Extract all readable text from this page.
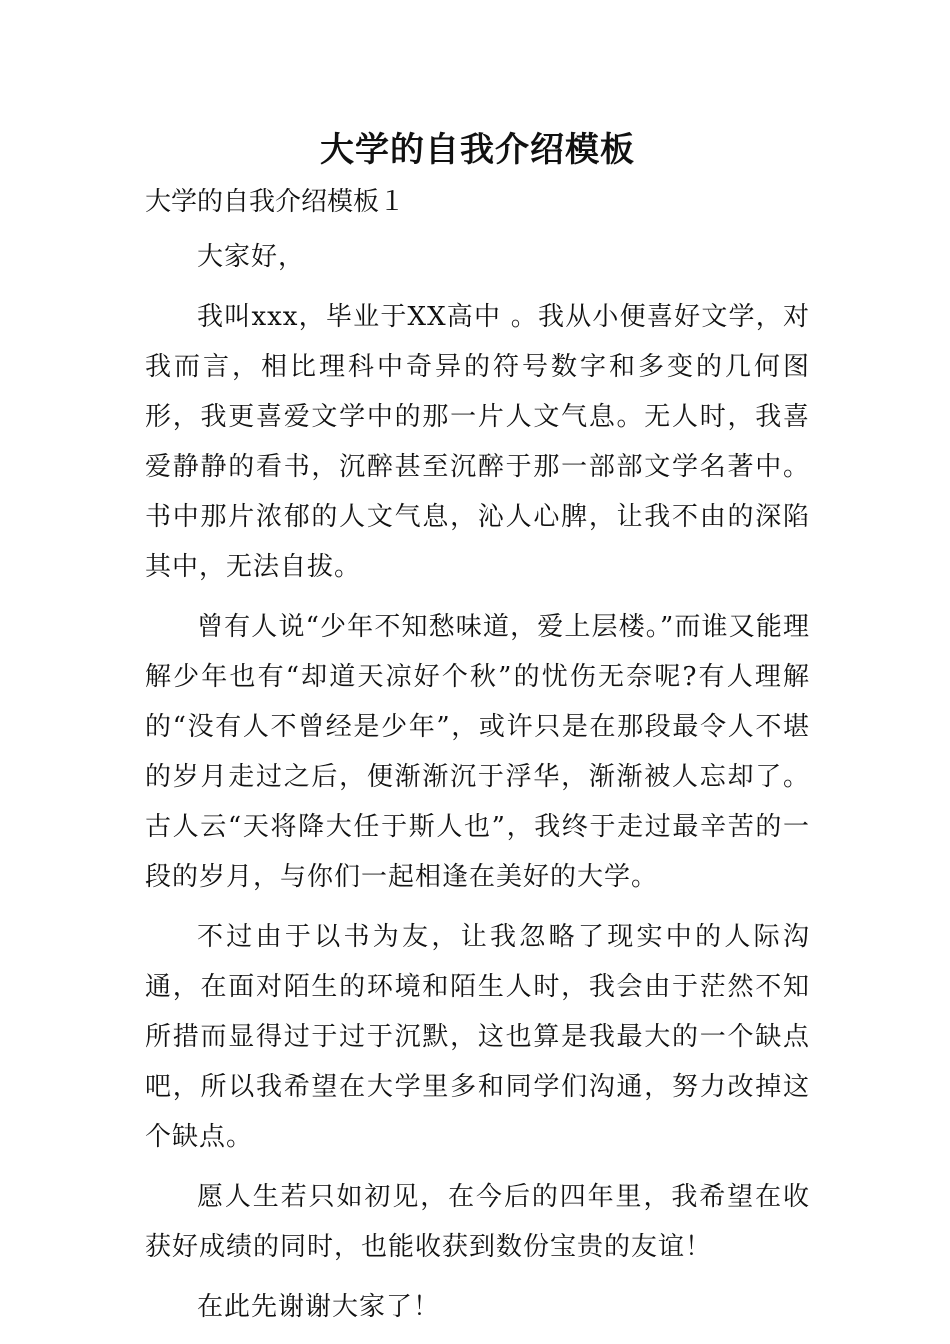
大学的自我介绍模板
大学的自我介绍模板１

大家好，

我叫xxx，毕业于XX高中 。我从小便喜好文学，对我而言，相比理科中奇异的符号数字和多变的几何图形，我更喜爱文学中的那一片人文气息。无人时，我喜爱静静的看书，沉醉甚至沉醉于那一部部文学名著中。书中那片浓郁的人文气息，沁人心脾，让我不由的深陷其中，无法自拔。

曾有人说“少年不知愁味道，爱上层楼。”而谁又能理解少年也有“却道天凉好个秋”的忧伤无奈呢?有人理解的“没有人不曾经是少年”，或许只是在那段最令人不堪的岁月走过之后，便渐渐沉于浮华，渐渐被人忘却了。古人云“天将降大任于斯人也”，我终于走过最辛苦的一段的岁月，与你们一起相逢在美好的大学。

不过由于以书为友，让我忽略了现实中的人际沟通，在面对陌生的环境和陌生人时，我会由于茫然不知所措而显得过于过于沉默，这也算是我最大的一个缺点吧，所以我希望在大学里多和同学们沟通，努力改掉这个缺点。

愿人生若只如初见，在今后的四年里，我希望在收获好成绩的同时，也能收获到数份宝贵的友谊！

在此先谢谢大家了！
